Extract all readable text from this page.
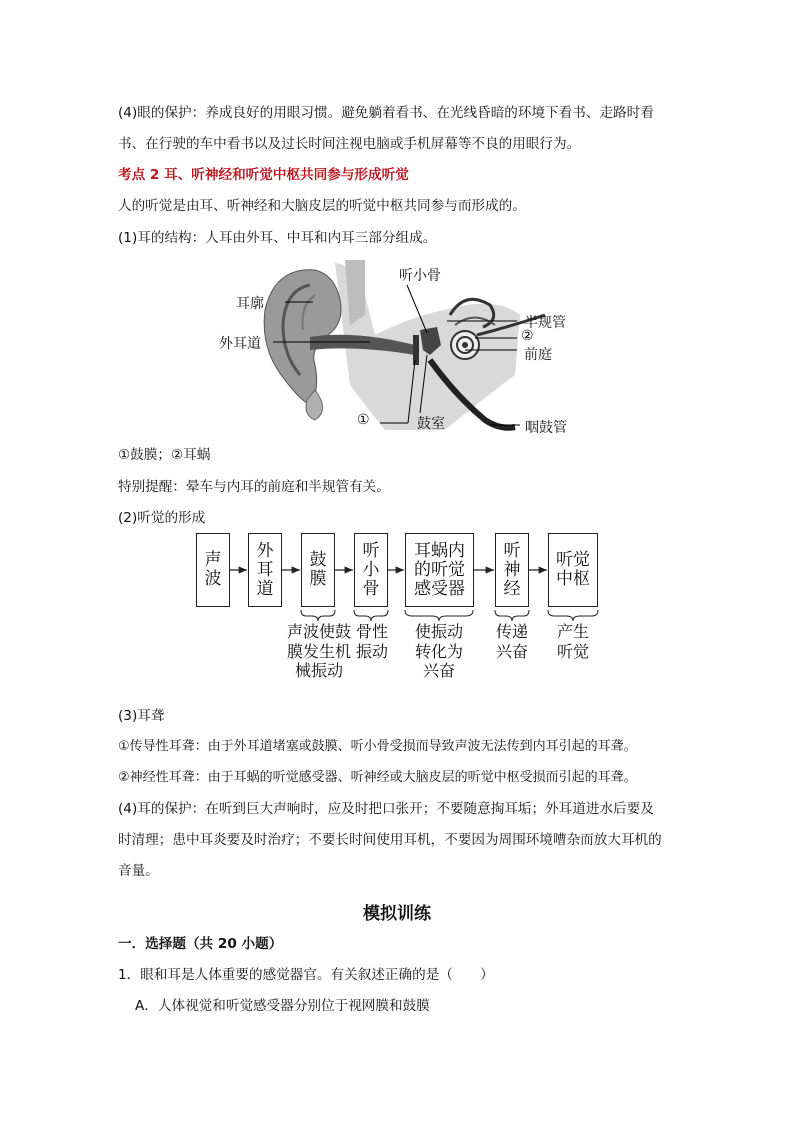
(4)眼的保护：养成良好的用眼习惯。避免躺着看书、在光线昏暗的环境下看书、走路时看
书、在行驶的车中看书以及过长时间注视电脑或手机屏幕等不良的用眼行为。
考点 2 耳、听神经和听觉中枢共同参与形成听觉
人的听觉是由耳、听神经和大脑皮层的听觉中枢共同参与而形成的。
(1)耳的结构：人耳由外耳、中耳和内耳三部分组成。
耳廓
外耳道
听小骨
半规管
②
前庭
①	鼓室	咽鼓管
①鼓膜；②耳蜗
特别提醒：晕车与内耳的前庭和半规管有关。
(2)听觉的形成
声波
外耳道
鼓膜
听小骨
耳蜗内的听觉感受器
听神经
听觉中枢
声波使鼓膜发生机械振动
骨性振动
使振动转化为兴奋
传递兴奋
产生听觉
(3)耳聋
①传导性耳聋：由于外耳道堵塞或鼓膜、听小骨受损而导致声波无法传到内耳引起的耳聋。
②神经性耳聋：由于耳蜗的听觉感受器、听神经或大脑皮层的听觉中枢受损而引起的耳聋。
(4)耳的保护：在听到巨大声响时，应及时把口张开；不要随意掏耳垢；外耳道进水后要及
时清理；患中耳炎要及时治疗；不要长时间使用耳机，不要因为周围环境嘈杂而放大耳机的
音量。
模拟训练
一．选择题（共 20 小题）
1．眼和耳是人体重要的感觉器官。有关叙述正确的是（　　）
A．人体视觉和听觉感受器分别位于视网膜和鼓膜
